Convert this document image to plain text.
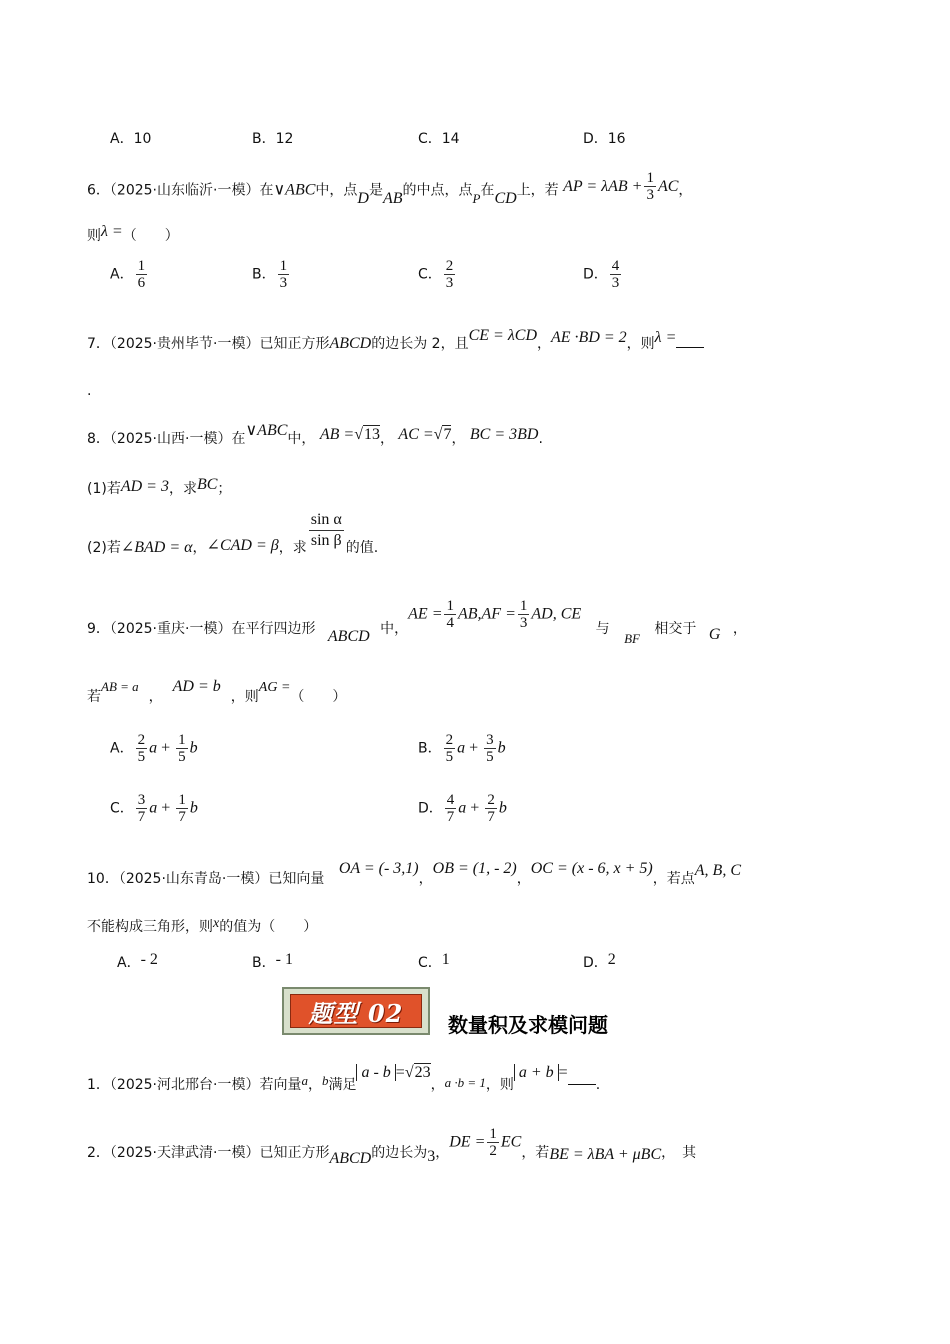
A．10	B．12	C．14	D．16
6．（2025·山东临沂·一模）在∨ABC中，点D是AB的中点，点P在CD上，若 AP = $\lambda AB + \frac{1}{3}$ AC，
则λ =（　　）
A． $\frac{1}{6}$	B． $\frac{1}{3}$	C． $\frac{2}{3}$	D． $\frac{4}{3}$
7．（2025·贵州毕节·一模）已知正方形ABCD的边长为 2，且CE = λCD，AE ·BD = 2，则λ =
.
8．（2025·山西·一模）在∨ABC中， AB =√13， AC =√7， BC = 3BD.
(1)若AD = 3，求BC；
(2)若∠BAD = α，∠CAD = β，求 $\frac{\text{sin α}}{\text{sin β}}$ 的值.
9．（2025·重庆·一模）在平行四边形 ABCD 中，AE = $\frac{1}{4} AB,AF = \frac{1}{3}$ AD, CE 与 BF 相交于 G ，
若AB = a，AD = b，则AG =（　　）
A． $\frac{2}{5}$ $a + \frac{1}{5}$ b	B． $\frac{2}{5}$ $a + \frac{3}{5}$ b
C． $\frac{3}{7}$ $a + \frac{1}{7}$ b	D． $\frac{4}{7}$ $a + \frac{2}{7}$ b
10．（2025·山东青岛·一模）已知向量 OA = (- 3,1)，OB = (1, - 2)，OC = (x - 6, x + 5)，若点A, B, C
不能构成三角形，则x的值为（　　）
A．- 2	B．- 1	C．1	D．2
题型 02 数量积及求模问题
1．（2025·河北邢台·一模）若向量a，b满足a - b =√23，a ·b = 1，则a + b =.
2．（2025·天津武清·一模）已知正方形ABCD的边长为3，DE = $\frac{1}{2}$ EC，若BE = λBA + μBC，　其
